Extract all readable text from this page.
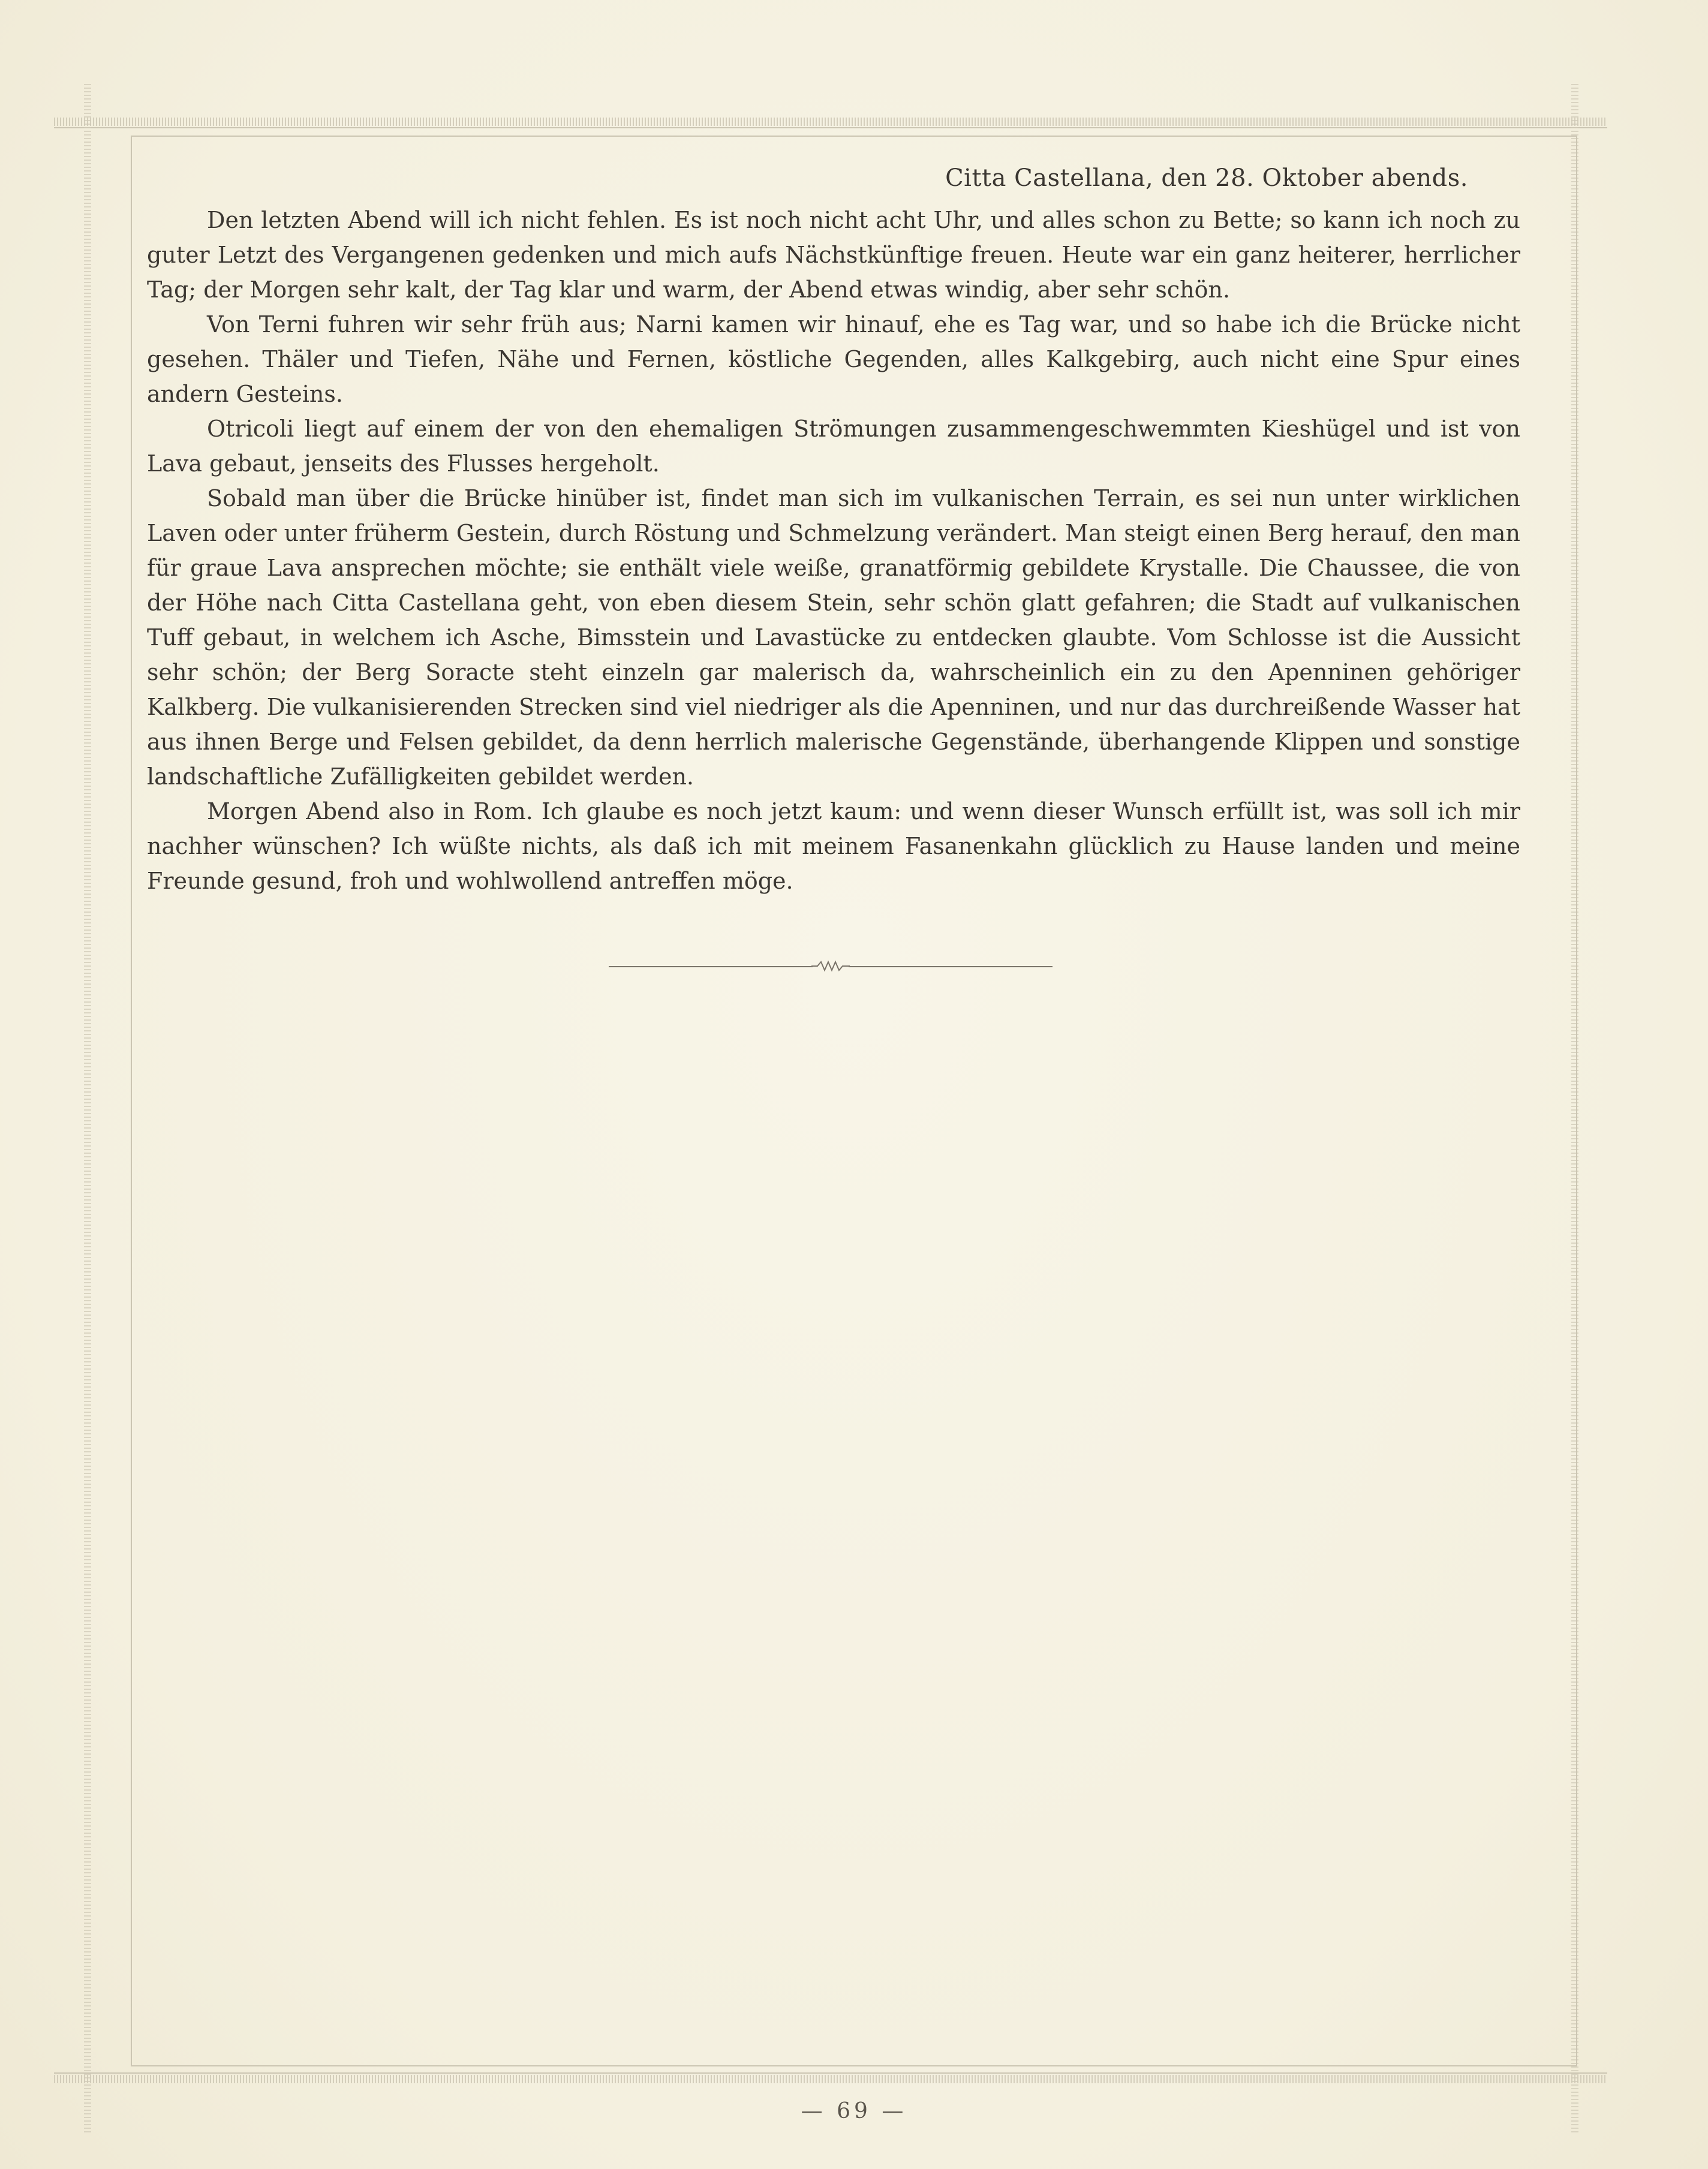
Citta Castellana, den 28. Oktober abends.

Den letzten Abend will ich nicht fehlen. Es ist noch nicht acht Uhr, und alles schon zu Bette; so kann ich noch zu guter Letzt des Vergangenen gedenken und mich aufs Nächstkünftige freuen. Heute war ein ganz heiterer, herrlicher Tag; der Morgen sehr kalt, der Tag klar und warm, der Abend etwas windig, aber sehr schön.

Von Terni fuhren wir sehr früh aus; Narni kamen wir hinauf, ehe es Tag war, und so habe ich die Brücke nicht gesehen. Thäler und Tiefen, Nähe und Fernen, köstliche Gegenden, alles Kalkgebirg, auch nicht eine Spur eines andern Gesteins.

Otricoli liegt auf einem der von den ehemaligen Strömungen zusammengeschwemmten Kieshügel und ist von Lava gebaut, jenseits des Flusses hergeholt.

Sobald man über die Brücke hinüber ist, findet man sich im vulkanischen Terrain, es sei nun unter wirklichen Laven oder unter früherm Gestein, durch Röstung und Schmelzung verändert. Man steigt einen Berg herauf, den man für graue Lava ansprechen möchte; sie enthält viele weiße, granatförmig gebildete Krystalle. Die Chaussee, die von der Höhe nach Citta Castellana geht, von eben diesem Stein, sehr schön glatt gefahren; die Stadt auf vulkanischen Tuff gebaut, in welchem ich Asche, Bimsstein und Lavastücke zu entdecken glaubte. Vom Schlosse ist die Aussicht sehr schön; der Berg Soracte steht einzeln gar malerisch da, wahrscheinlich ein zu den Apenninen gehöriger Kalkberg. Die vulkanisierenden Strecken sind viel niedriger als die Apenninen, und nur das durchreißende Wasser hat aus ihnen Berge und Felsen gebildet, da denn herrlich malerische Gegenstände, überhangende Klippen und sonstige landschaftliche Zufälligkeiten gebildet werden.

Morgen Abend also in Rom. Ich glaube es noch jetzt kaum: und wenn dieser Wunsch erfüllt ist, was soll ich mir nachher wünschen? Ich wüßte nichts, als daß ich mit meinem Fasanenkahn glücklich zu Hause landen und meine Freunde gesund, froh und wohlwollend antreffen möge.

— 69 —
